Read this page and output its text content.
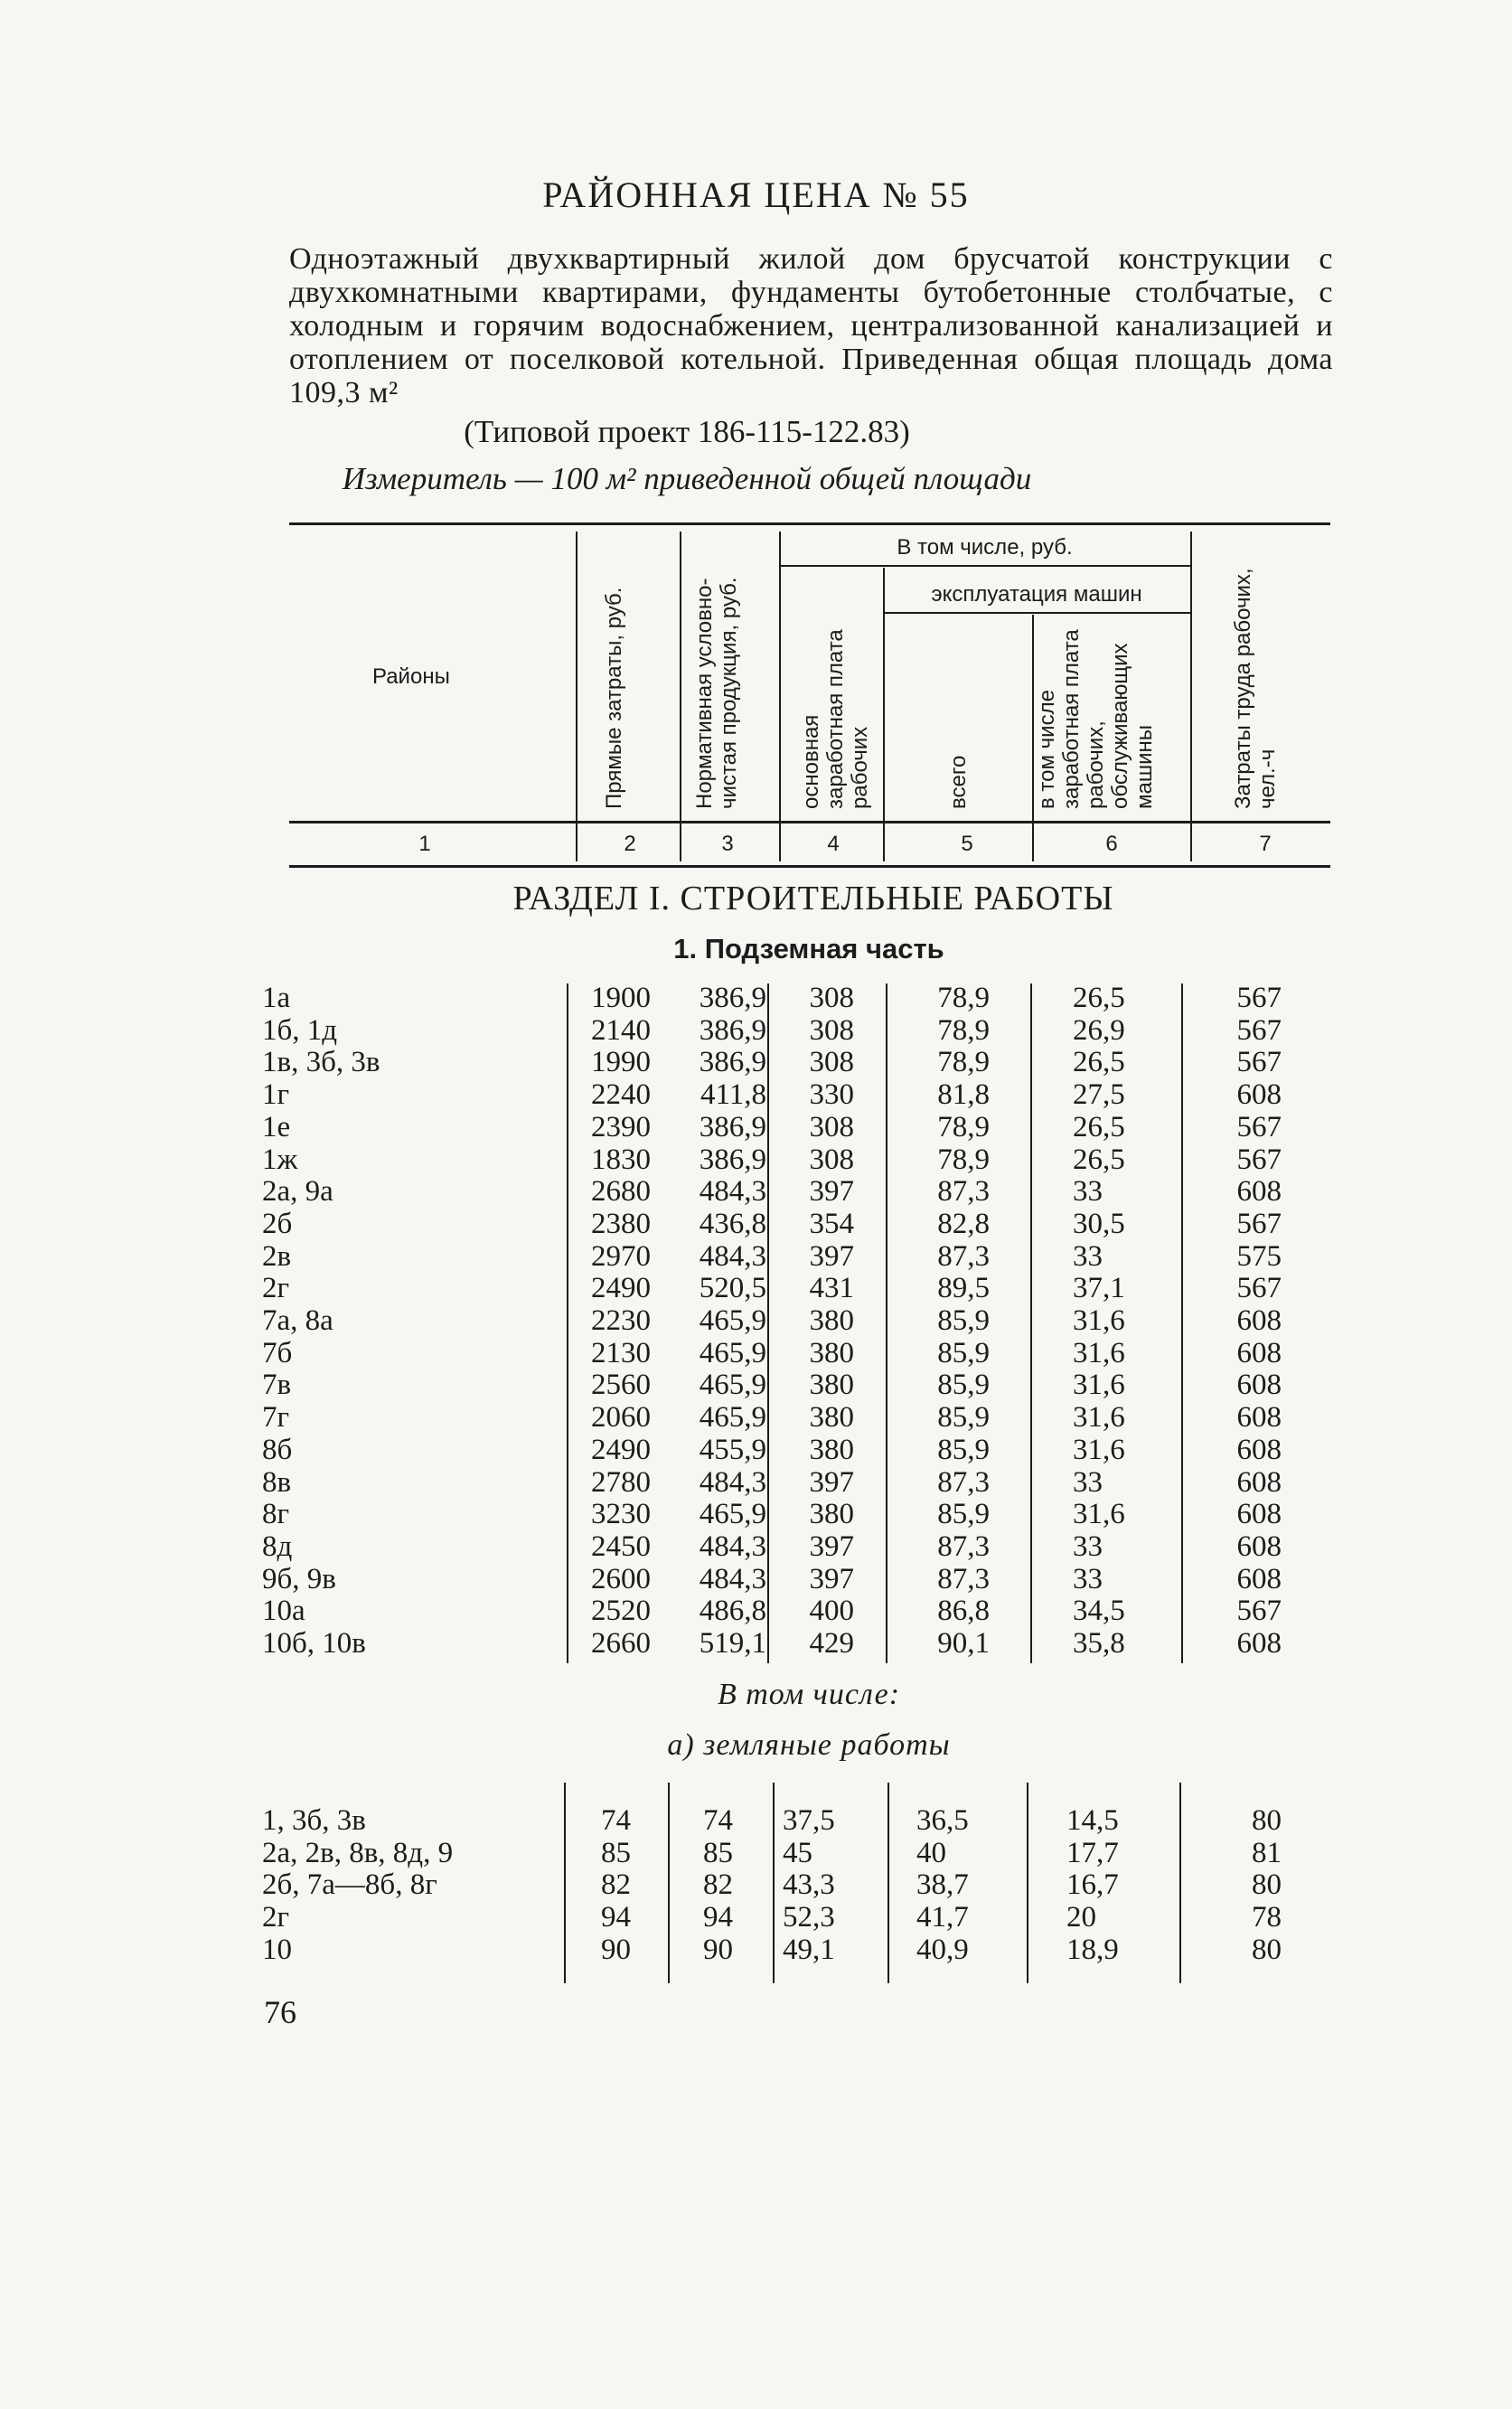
РАЙОННАЯ ЦЕНА № 55
Одноэтажный двухквартирный жилой дом брусчатой конструкции с двухкомнатными квартирами, фундаменты бутобетонные столбчатые, с холодным и горячим водоснабжением, централизованной канализацией и отоплением от поселковой котельной. Приведенная общая площадь дома 109,3 м²
(Типовой проект 186-115-122.83)
Измеритель — 100 м² приведенной общей площади
Районы
В том числе, руб.
эксплуатация машин
Прямые затраты, руб.	Нормативная условно-чистая продукция, руб.	основная заработная плата рабочих	всего	в том числе заработная плата рабочих, обслуживающих машины	Затраты труда рабочих, чел.-ч
1	2	3	4	5	6	7
РАЗДЕЛ I. СТРОИТЕЛЬНЫЕ РАБОТЫ
1. Подземная часть
1а	1900 386,9 308	78,9	26,5	567
1б, 1д	2140 386,9 308	78,9	26,9	567
1в, 3б, 3в	1990 386,9 308	78,9	26,5	567
1г	2240 411,8 330	81,8	27,5	608
1е	2390 386,9 308	78,9	26,5	567
1ж	1830 386,9 308	78,9	26,5	567
2а, 9а	2680 484,3 397	87,3	33	608
2б	2380 436,8 354	82,8	30,5	567
2в	2970 484,3 397	87,3	33	575
2г	2490 520,5 431	89,5	37,1	567
7а, 8а	2230 465,9 380	85,9	31,6	608
7б	2130 465,9 380	85,9	31,6	608
7в	2560 465,9 380	85,9	31,6	608
7г	2060 465,9 380	85,9	31,6	608
8б	2490 455,9 380	85,9	31,6	608
8в	2780 484,3 397	87,3	33	608
8г	3230 465,9 380	85,9	31,6	608
8д	2450 484,3 397	87,3	33	608
9б, 9в	2600 484,3 397	87,3	33	608
10а	2520 486,8 400	86,8	34,5	567
10б, 10в	2660 519,1 429	90,1	35,8	608
В том числе:
а) земляные работы
1, 3б, 3в	74 74 37,5	36,5	14,5	80
2а, 2в, 8в, 8д, 9	85 85 45	40	17,7	81
2б, 7а—8б, 8г	82 82 43,3	38,7	16,7	80
2г	94 94 52,3	41,7	20	78
10	90 90 49,1	40,9	18,9	80
76
